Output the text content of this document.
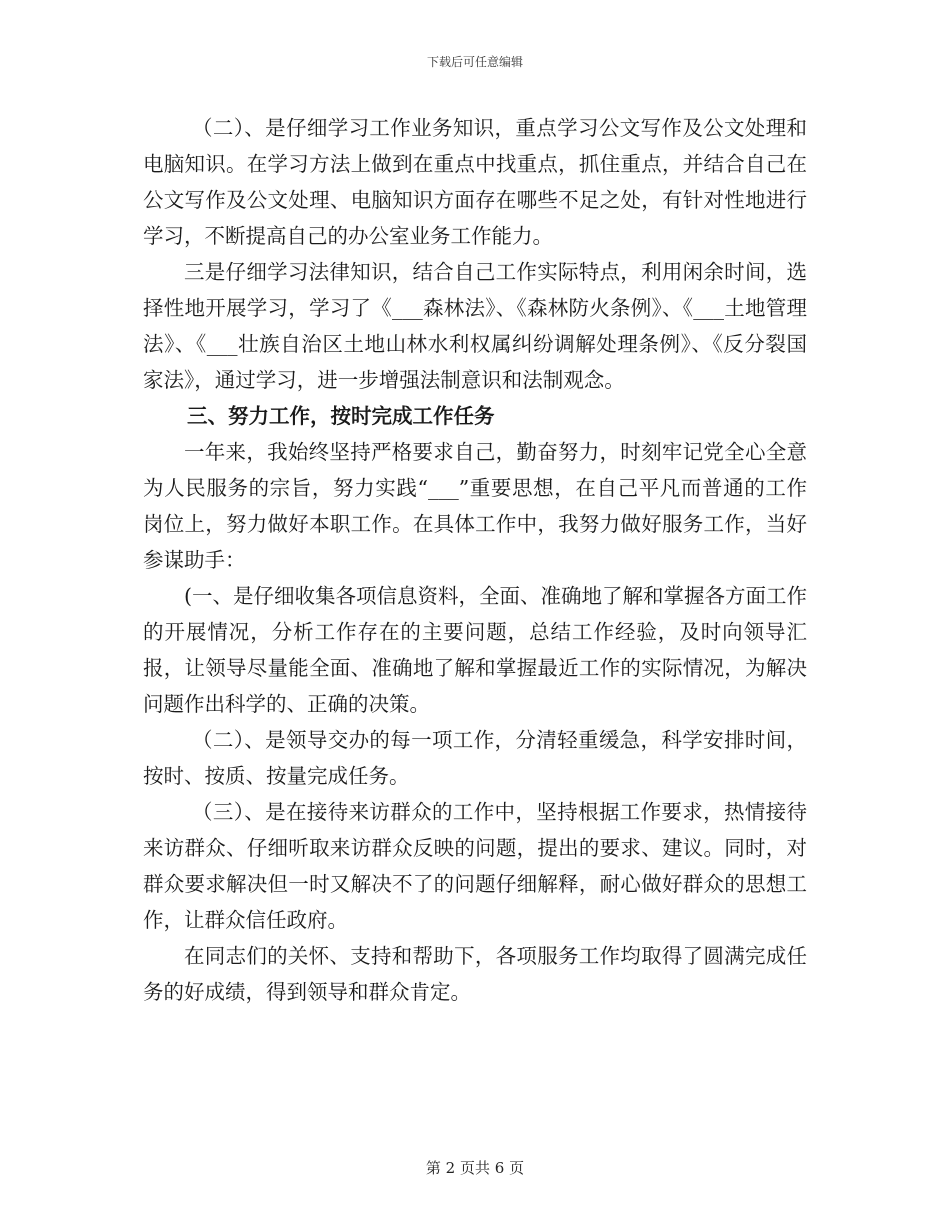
下载后可任意编辑

（二）、是仔细学习工作业务知识，重点学习公文写作及公文处理和电脑知识。在学习方法上做到在重点中找重点，抓住重点，并结合自己在公文写作及公文处理、电脑知识方面存在哪些不足之处，有针对性地进行学习，不断提高自己的办公室业务工作能力。

三是仔细学习法律知识，结合自己工作实际特点，利用闲余时间，选择性地开展学习，学习了《___森林法》、《森林防火条例》、《___土地管理法》、《___壮族自治区土地山林水利权属纠纷调解处理条例》、《反分裂国家法》，通过学习，进一步增强法制意识和法制观念。

三、努力工作，按时完成工作任务

一年来，我始终坚持严格要求自己，勤奋努力，时刻牢记党全心全意为人民服务的宗旨，努力实践“___”重要思想，在自己平凡而普通的工作岗位上，努力做好本职工作。在具体工作中，我努力做好服务工作，当好参谋助手：

(一、是仔细收集各项信息资料，全面、准确地了解和掌握各方面工作的开展情况，分析工作存在的主要问题，总结工作经验，及时向领导汇报，让领导尽量能全面、准确地了解和掌握最近工作的实际情况，为解决问题作出科学的、正确的决策。

（二）、是领导交办的每一项工作，分清轻重缓急，科学安排时间，按时、按质、按量完成任务。

（三）、是在接待来访群众的工作中，坚持根据工作要求，热情接待来访群众、仔细听取来访群众反映的问题，提出的要求、建议。同时，对群众要求解决但一时又解决不了的问题仔细解释，耐心做好群众的思想工作，让群众信任政府。

在同志们的关怀、支持和帮助下，各项服务工作均取得了圆满完成任务的好成绩，得到领导和群众肯定。

第 2 页共 6 页
